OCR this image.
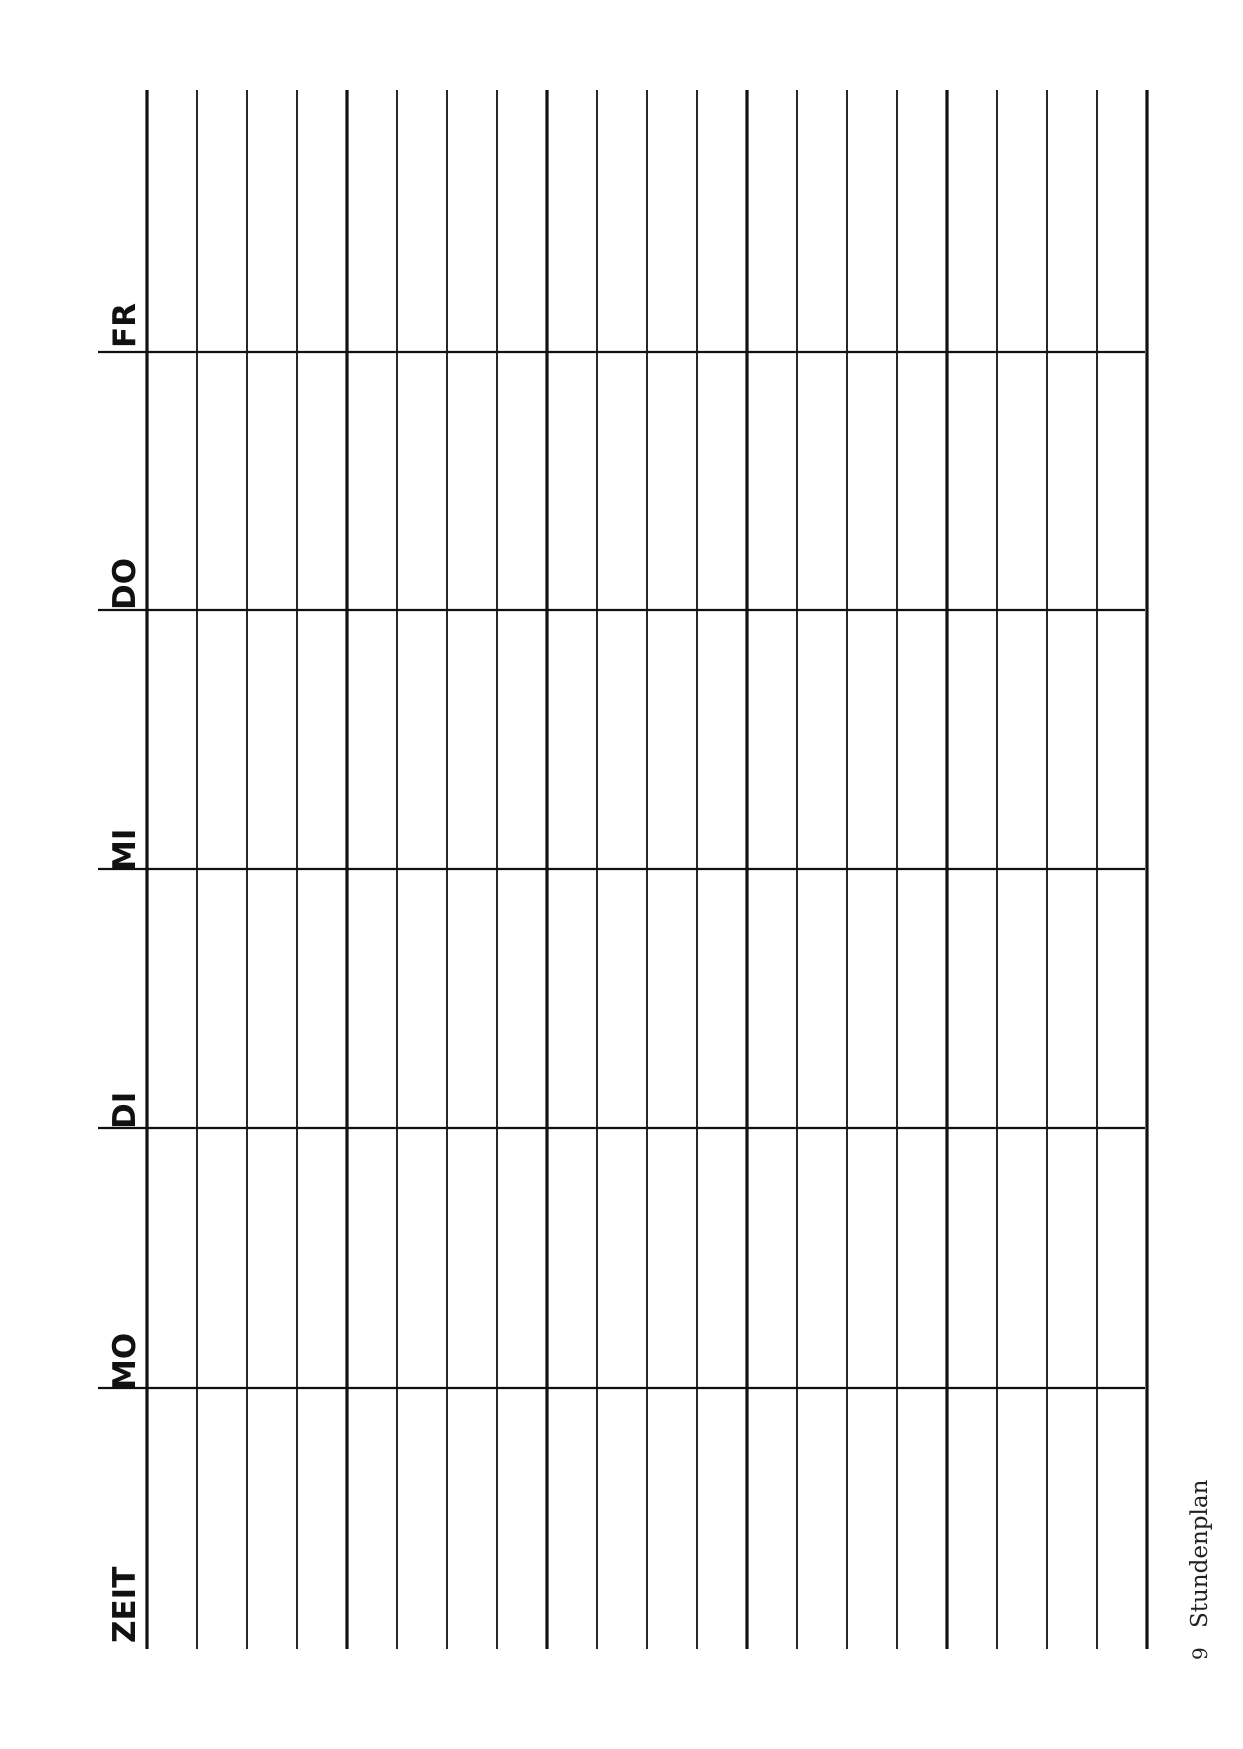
ZEIT
MO
DI
MI
DO
FR
9
Stundenplan
